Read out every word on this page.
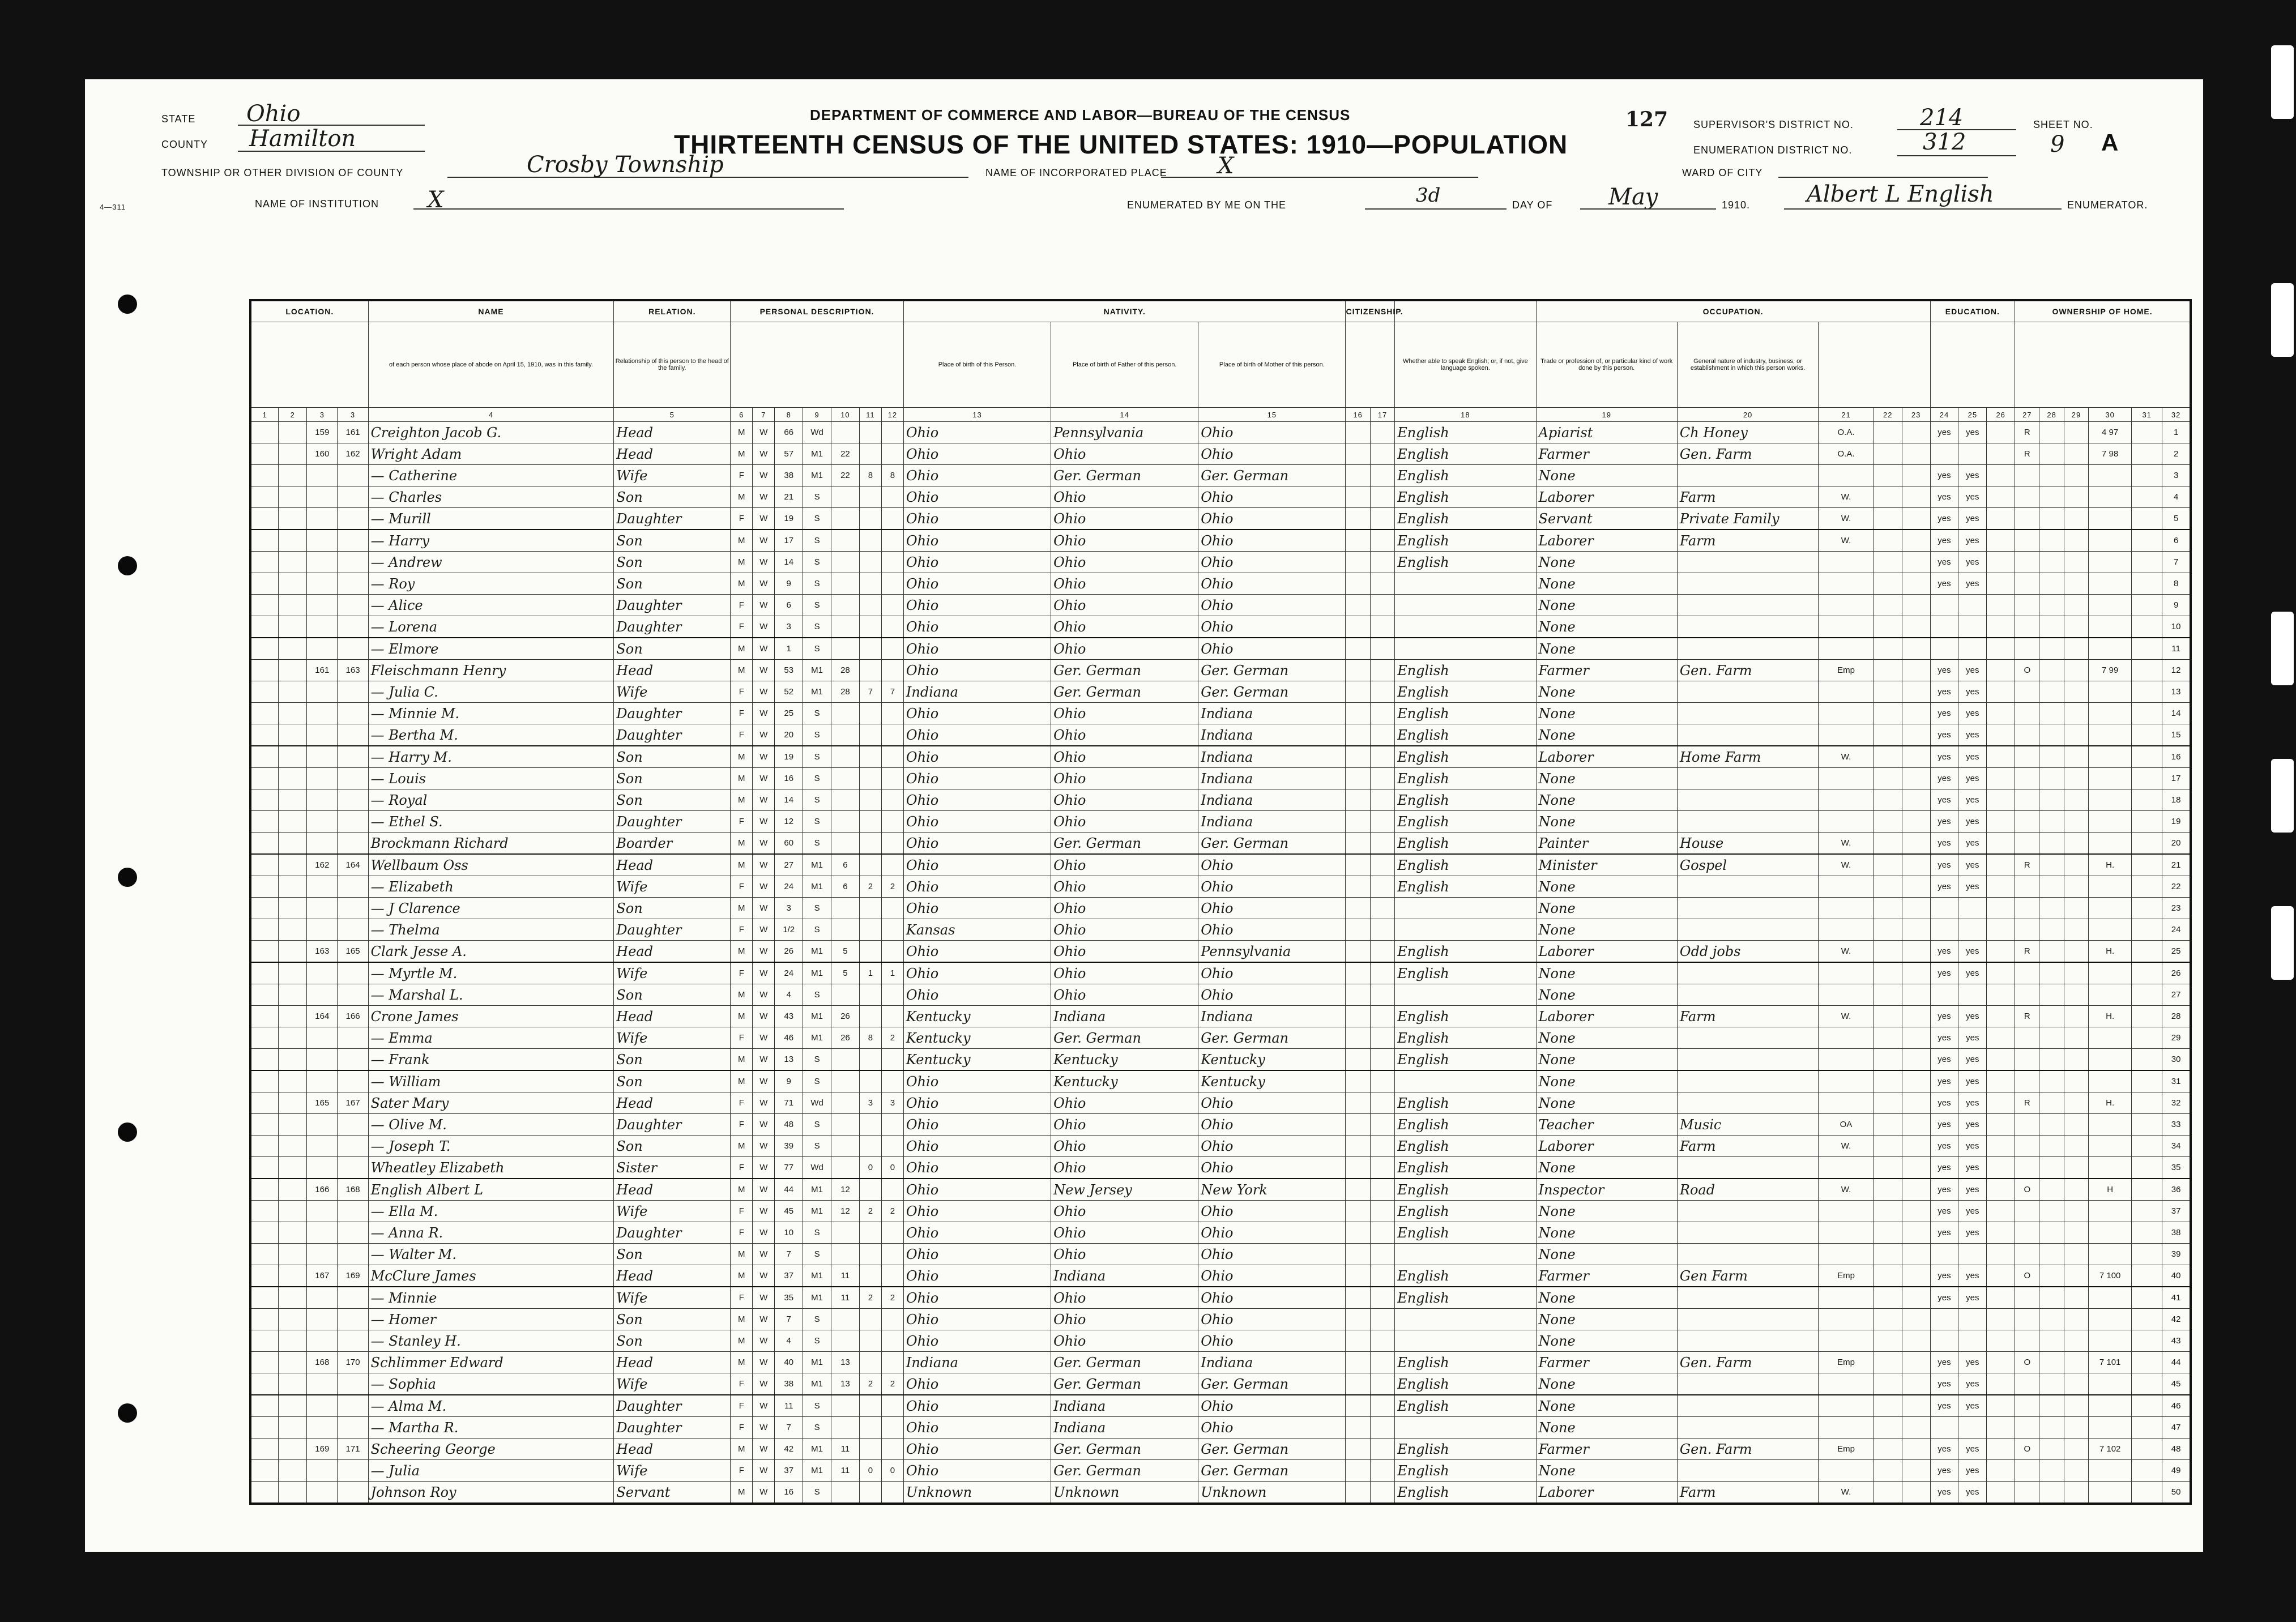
STATE Ohio
COUNTY Hamilton
TOWNSHIP OR OTHER DIVISION OF COUNTY	Crosby Township
NAME OF INSTITUTION X
4—311
DEPARTMENT OF COMMERCE AND LABOR—BUREAU OF THE CENSUS
THIRTEENTH CENSUS OF THE UNITED STATES: 1910—POPULATION
NAME OF INCORPORATED PLACE X	WARD OF CITY
ENUMERATED BY ME ON THE	3d	DAY OF May	1910. Albert L English	ENUMERATOR.
127 SUPERVISOR'S DISTRICT NO.	214
ENUMERATION DISTRICT NO.	312
SHEET NO.
9 A
LOCATION.				NAME	RELATION.	PERSONAL DESCRIPTION.							NATIVITY.			CITIZENSHIP.			OCCUPATION.					EDUCATION.			OWNERSHIP OF HOME.					
				of each person whose place of abode on April 15, 1910, was in this family.	Relationship of this person to the head of the family.								Place of birth of this Person.	Place of birth of Father of this person.	Place of birth of Mother of this person.			Whether able to speak English; or, if not, give language spoken.	Trade or profession of, or particular kind of work done by this person.	General nature of industry, business, or establishment in which this person works.												
1	2	3	3	4	5	6	7	8	9	10	11	12	13	14	15	16	17	18	19	20	21	22	23	24	25	26	27	28	29	30	31	32
		159	161	Creighton Jacob G.	Head	M	W	66	Wd				Ohio	Pennsylvania	Ohio			English	Apiarist	Ch Honey	O.A.			yes	yes		R			4 97		1
		160	162	Wright Adam	Head	M	W	57	M1	22			Ohio	Ohio	Ohio			English	Farmer	Gen. Farm	O.A.						R			7 98		2
				— Catherine	Wife	F	W	38	M1	22	8	8	Ohio	Ger. German	Ger. German			English	None					yes	yes							3
				— Charles	Son	M	W	21	S				Ohio	Ohio	Ohio			English	Laborer	Farm	W.			yes	yes							4
				— Murill	Daughter	F	W	19	S				Ohio	Ohio	Ohio			English	Servant	Private Family	W.			yes	yes							5
				— Harry	Son	M	W	17	S				Ohio	Ohio	Ohio			English	Laborer	Farm	W.			yes	yes							6
				— Andrew	Son	M	W	14	S				Ohio	Ohio	Ohio			English	None					yes	yes							7
				— Roy	Son	M	W	9	S				Ohio	Ohio	Ohio				None					yes	yes							8
				— Alice	Daughter	F	W	6	S				Ohio	Ohio	Ohio				None													9
				— Lorena	Daughter	F	W	3	S				Ohio	Ohio	Ohio				None													10
				— Elmore	Son	M	W	1	S				Ohio	Ohio	Ohio				None													11
		161	163	Fleischmann Henry	Head	M	W	53	M1	28			Ohio	Ger. German	Ger. German			English	Farmer	Gen. Farm	Emp			yes	yes		O			7 99		12
				— Julia C.	Wife	F	W	52	M1	28	7	7	Indiana	Ger. German	Ger. German			English	None					yes	yes							13
				— Minnie M.	Daughter	F	W	25	S				Ohio	Ohio	Indiana			English	None					yes	yes							14
				— Bertha M.	Daughter	F	W	20	S				Ohio	Ohio	Indiana			English	None					yes	yes							15
				— Harry M.	Son	M	W	19	S				Ohio	Ohio	Indiana			English	Laborer	Home Farm	W.			yes	yes							16
				— Louis	Son	M	W	16	S				Ohio	Ohio	Indiana			English	None					yes	yes							17
				— Royal	Son	M	W	14	S				Ohio	Ohio	Indiana			English	None					yes	yes							18
				— Ethel S.	Daughter	F	W	12	S				Ohio	Ohio	Indiana			English	None					yes	yes							19
				Brockmann Richard	Boarder	M	W	60	S				Ohio	Ger. German	Ger. German			English	Painter	House	W.			yes	yes							20
		162	164	Wellbaum Oss	Head	M	W	27	M1	6			Ohio	Ohio	Ohio			English	Minister	Gospel	W.			yes	yes		R			H.		21
				— Elizabeth	Wife	F	W	24	M1	6	2	2	Ohio	Ohio	Ohio			English	None					yes	yes							22
				— J Clarence	Son	M	W	3	S				Ohio	Ohio	Ohio				None													23
				— Thelma	Daughter	F	W	1/2	S				Kansas	Ohio	Ohio				None													24
		163	165	Clark Jesse A.	Head	M	W	26	M1	5			Ohio	Ohio	Pennsylvania			English	Laborer	Odd jobs	W.			yes	yes		R			H.		25
				— Myrtle M.	Wife	F	W	24	M1	5	1	1	Ohio	Ohio	Ohio			English	None					yes	yes							26
				— Marshal L.	Son	M	W	4	S				Ohio	Ohio	Ohio				None													27
		164	166	Crone James	Head	M	W	43	M1	26			Kentucky	Indiana	Indiana			English	Laborer	Farm	W.			yes	yes		R			H.		28
				— Emma	Wife	F	W	46	M1	26	8	2	Kentucky	Ger. German	Ger. German			English	None					yes	yes							29
				— Frank	Son	M	W	13	S				Kentucky	Kentucky	Kentucky			English	None					yes	yes							30
				— William	Son	M	W	9	S				Ohio	Kentucky	Kentucky				None					yes	yes							31
		165	167	Sater Mary	Head	F	W	71	Wd		3	3	Ohio	Ohio	Ohio			English	None					yes	yes		R			H.		32
				— Olive M.	Daughter	F	W	48	S				Ohio	Ohio	Ohio			English	Teacher	Music	OA			yes	yes							33
				— Joseph T.	Son	M	W	39	S				Ohio	Ohio	Ohio			English	Laborer	Farm	W.			yes	yes							34
				Wheatley Elizabeth	Sister	F	W	77	Wd		0	0	Ohio	Ohio	Ohio			English	None					yes	yes							35
		166	168	English Albert L	Head	M	W	44	M1	12			Ohio	New Jersey	New York			English	Inspector	Road	W.			yes	yes		O			H		36
				— Ella M.	Wife	F	W	45	M1	12	2	2	Ohio	Ohio	Ohio			English	None					yes	yes							37
				— Anna R.	Daughter	F	W	10	S				Ohio	Ohio	Ohio			English	None					yes	yes							38
				— Walter M.	Son	M	W	7	S				Ohio	Ohio	Ohio				None													39
		167	169	McClure James	Head	M	W	37	M1	11			Ohio	Indiana	Ohio			English	Farmer	Gen Farm	Emp			yes	yes		O			7 100		40
				— Minnie	Wife	F	W	35	M1	11	2	2	Ohio	Ohio	Ohio			English	None					yes	yes							41
				— Homer	Son	M	W	7	S				Ohio	Ohio	Ohio				None													42
				— Stanley H.	Son	M	W	4	S				Ohio	Ohio	Ohio				None													43
		168	170	Schlimmer Edward	Head	M	W	40	M1	13			Indiana	Ger. German	Indiana			English	Farmer	Gen. Farm	Emp			yes	yes		O			7 101		44
				— Sophia	Wife	F	W	38	M1	13	2	2	Ohio	Ger. German	Ger. German			English	None					yes	yes							45
				— Alma M.	Daughter	F	W	11	S				Ohio	Indiana	Ohio			English	None					yes	yes							46
				— Martha R.	Daughter	F	W	7	S				Ohio	Indiana	Ohio				None													47
		169	171	Scheering George	Head	M	W	42	M1	11			Ohio	Ger. German	Ger. German			English	Farmer	Gen. Farm	Emp			yes	yes		O			7 102		48
				— Julia	Wife	F	W	37	M1	11	0	0	Ohio	Ger. German	Ger. German			English	None					yes	yes							49
				Johnson Roy	Servant	M	W	16	S				Unknown	Unknown	Unknown			English	Laborer	Farm	W.			yes	yes							50
